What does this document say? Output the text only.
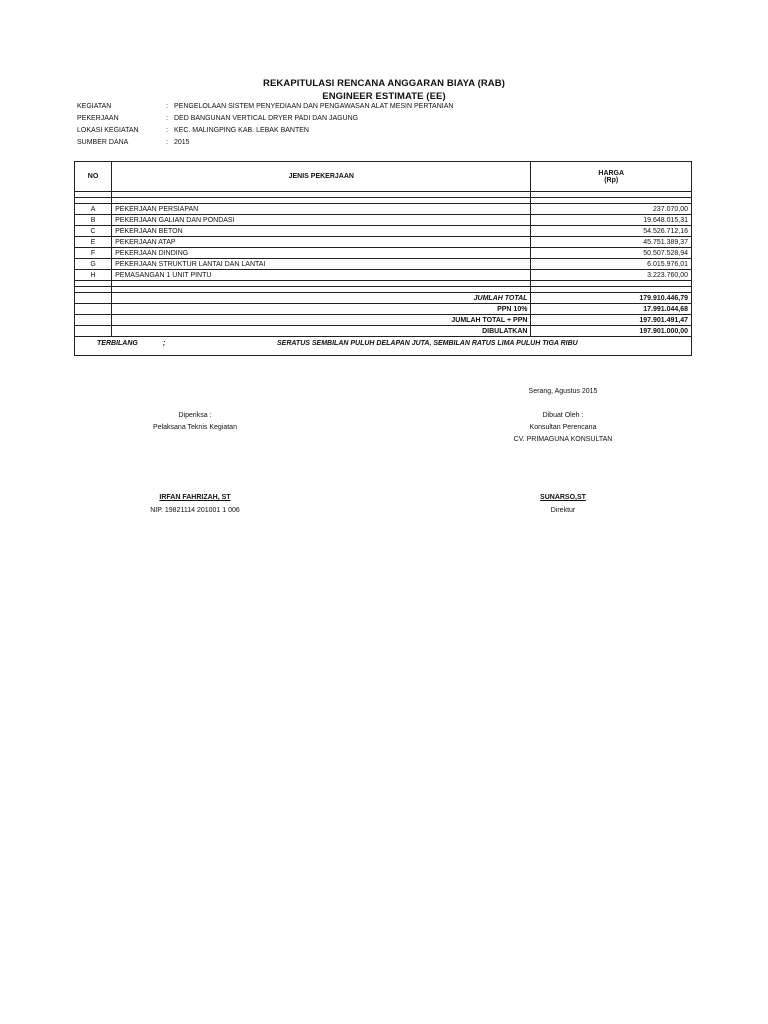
REKAPITULASI RENCANA ANGGARAN BIAYA (RAB)
ENGINEER ESTIMATE (EE)
KEGIATAN	: PENGELOLAAN SISTEM PENYEDIAAN DAN PENGAWASAN ALAT MESIN PERTANIAN
PEKERJAAN	: DED BANGUNAN VERTICAL DRYER PADI DAN JAGUNG
LOKASI KEGIATAN	: KEC. MALINGPING KAB. LEBAK BANTEN
SUMBER DANA	: 2015
NO	JENIS PEKERJAAN	HARGA
(Rp)

A	PEKERJAAN PERSIAPAN	237.070,00
B	PEKERJAAN GALIAN DAN PONDASI	19.648.015,31
C	PEKERJAAN BETON	54.526.712,16
E	PEKERJAAN ATAP	45.751.389,37
F	PEKERJAAN DINDING	50.507.528,94
G	PEKERJAAN STRUKTUR LANTAI DAN LANTAI	6.015.976,01
H	PEMASANGAN 1 UNIT PINTU	3.223.760,00

	JUMLAH TOTAL	179.910.446,79
	PPN 10%	17.991.044,68
	JUMLAH TOTAL + PPN	197.901.491,47
	DIBULATKAN	197.901.000,00

TERBILANG ; SERATUS SEMBILAN PULUH DELAPAN JUTA, SEMBILAN RATUS LIMA PULUH TIGA RIBU		
Serang, Agustus 2015
Diperiksa :
Pelaksana Teknis Kegiatan
IRFAN FAHRIZAH, ST
NIP. 19821114 201001 1 006
Dibuat Oleh :
Konsultan Perencana
CV. PRIMAGUNA KONSULTAN
SUNARSO,ST
Direktur
